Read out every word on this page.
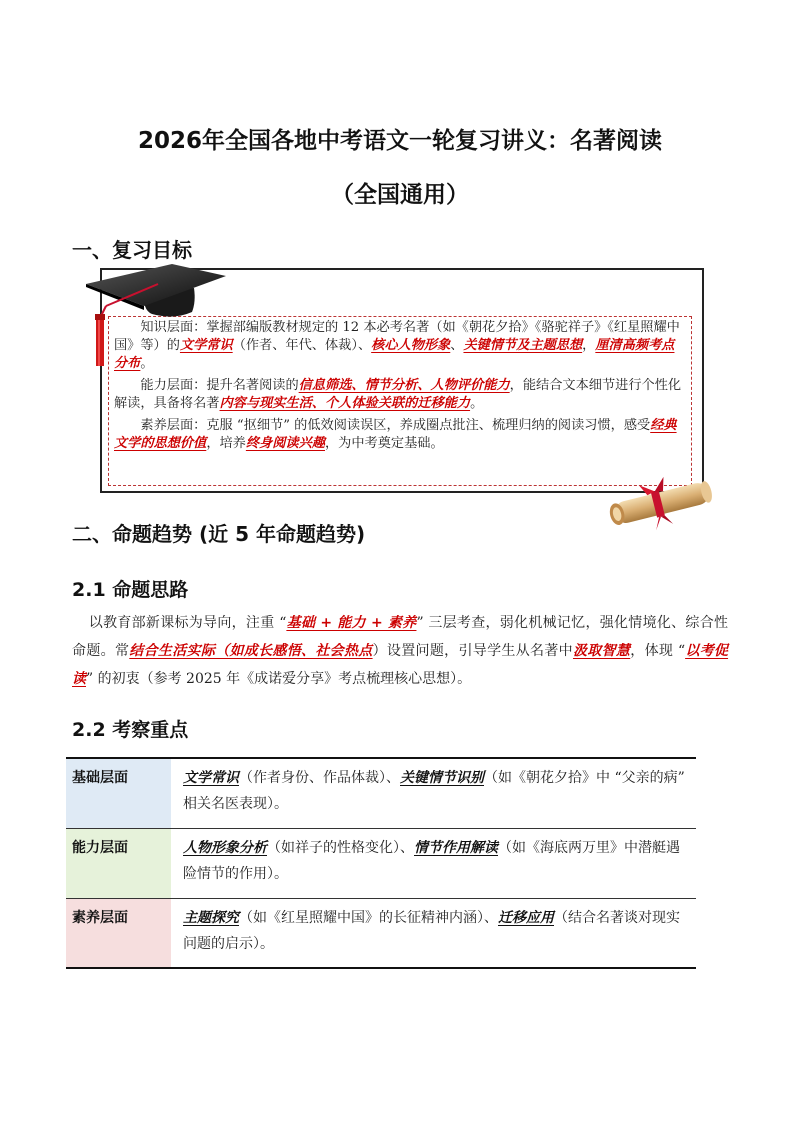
2026年全国各地中考语文一轮复习讲义：名著阅读
（全国通用）
一、复习目标
知识层面：掌握部编版教材规定的 12 本必考名著（如《朝花夕拾》《骆驼祥子》《红星照耀中国》等）的文学常识（作者、年代、体裁）、核心人物形象、关键情节及主题思想，厘清高频考点分布。
能力层面：提升名著阅读的信息筛选、情节分析、人物评价能力，能结合文本细节进行个性化解读，具备将名著内容与现实生活、个人体验关联的迁移能力。
素养层面：克服 “抠细节” 的低效阅读误区，养成圈点批注、梳理归纳的阅读习惯，感受经典文学的思想价值，培养终身阅读兴趣，为中考奠定基础。
二、命题趋势 (近 5 年命题趋势)
2.1 命题思路
以教育部新课标为导向，注重 “基础 + 能力 + 素养” 三层考查，弱化机械记忆，强化情境化、综合性命题。常结合生活实际（如成长感悟、社会热点）设置问题，引导学生从名著中汲取智慧，体现 “以考促读” 的初衷（参考 2025 年《成诺爱分享》考点梳理核心思想）。
2.2 考察重点
基础层面	文学常识（作者身份、作品体裁）、关键情节识别（如《朝花夕拾》中 “父亲的病” 相关名医表现）。
能力层面	人物形象分析（如祥子的性格变化）、情节作用解读（如《海底两万里》中潜艇遇险情节的作用）。
素养层面	主题探究（如《红星照耀中国》的长征精神内涵）、迁移应用（结合名著谈对现实问题的启示）。
